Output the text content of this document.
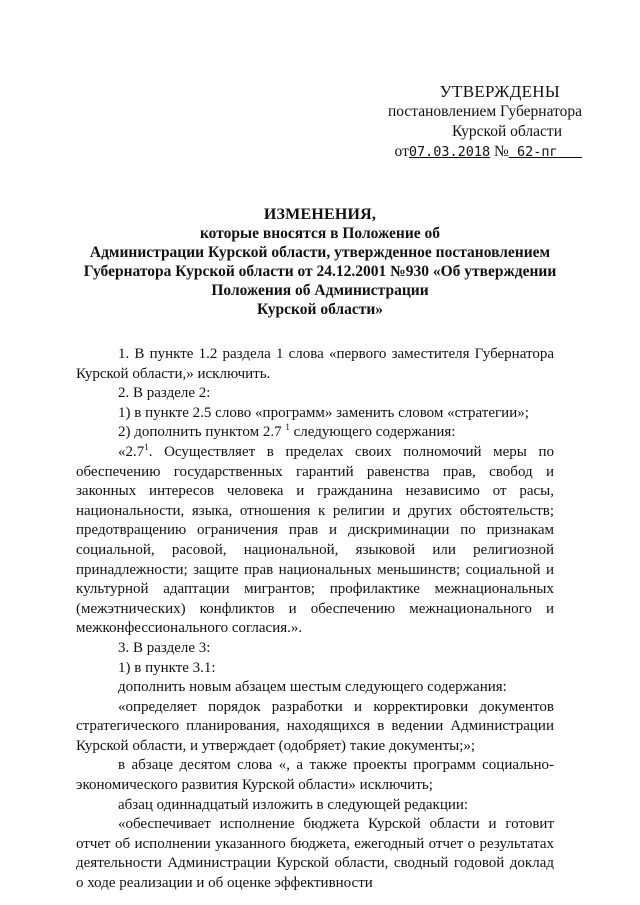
УТВЕРЖДЕНЫ
постановлением Губернатора
Курской области
от07.03.2018 № 62-пг
ИЗМЕНЕНИЯ,
которые вносятся в Положение об
Администрации Курской области, утвержденное постановлением
Губернатора Курской области от 24.12.2001 №930 «Об утверждении
Положения об Администрации
Курской области»

1. В пункте 1.2 раздела 1 слова «первого заместителя Губернатора Курской области,» исключить.

2. В разделе 2:

1) в пункте 2.5 слово «программ» заменить словом «стратегии»;

2) дополнить пунктом 2.7 $^1$ следующего содержания:

«$2.7^1$. Осуществляет в пределах своих полномочий меры по обеспечению государственных гарантий равенства прав, свобод и законных интересов человека и гражданина независимо от расы, национальности, языка, отношения к религии и других обстоятельств; предотвращению ограничения прав и дискриминации по признакам социальной, расовой, национальной, языковой или религиозной принадлежности; защите прав национальных меньшинств; социальной и культурной адаптации мигрантов; профилактике межнациональных (межэтнических) конфликтов и обеспечению межнационального и межконфессионального согласия.».

3. В разделе 3:

1) в пункте 3.1:

дополнить новым абзацем шестым следующего содержания:

«определяет порядок разработки и корректировки документов стратегического планирования, находящихся в ведении Администрации Курской области, и утверждает (одобряет) такие документы;»;

в абзаце десятом слова «, а также проекты программ социально-экономического развития Курской области» исключить;

абзац одиннадцатый изложить в следующей редакции:

«обеспечивает исполнение бюджета Курской области и готовит отчет об исполнении указанного бюджета, ежегодный отчет о результатах деятельности Администрации Курской области, сводный годовой доклад о ходе реализации и об оценке эффективности
